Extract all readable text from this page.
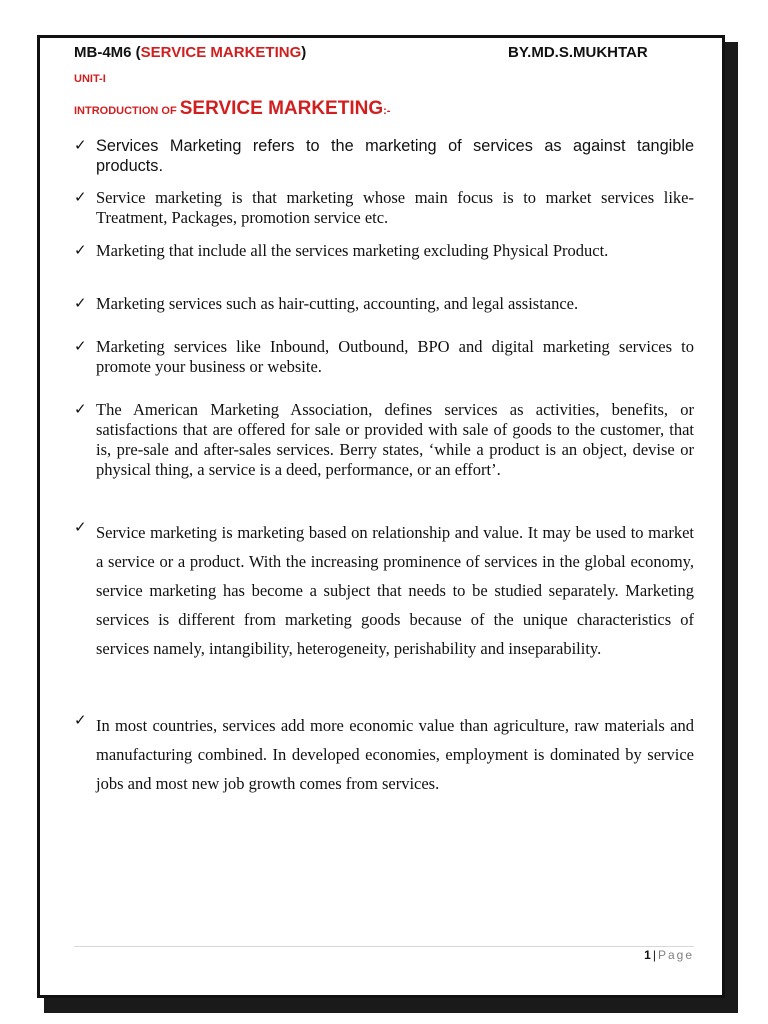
MB-4M6 (SERVICE MARKETING)	BY.MD.S.MUKHTAR
UNIT-I
INTRODUCTION OF SERVICE MARKETING:-
✓ Services Marketing refers to the marketing of services as against tangible products.
✓ Service marketing is that marketing whose main focus is to market services like- Treatment, Packages, promotion service etc.
✓ Marketing that include all the services marketing excluding Physical Product.
✓ Marketing services such as hair-cutting, accounting, and legal assistance.
✓ Marketing services like Inbound, Outbound, BPO and digital marketing services to promote your business or website.
✓ The American Marketing Association, defines services as activities, benefits, or satisfactions that are offered for sale or provided with sale of goods to the customer, that is, pre-sale and after-sales services. Berry states, ‘while a product is an object, devise or physical thing, a service is a deed, performance, or an effort’.
✓ Service marketing is marketing based on relationship and value. It may be used to market a service or a product. With the increasing prominence of services in the global economy, service marketing has become a subject that needs to be studied separately. Marketing services is different from marketing goods because of the unique characteristics of services namely, intangibility, heterogeneity, perishability and inseparability.
✓ In most countries, services add more economic value than agriculture, raw materials and manufacturing combined. In developed economies, employment is dominated by service jobs and most new job growth comes from services.
1 | Page
